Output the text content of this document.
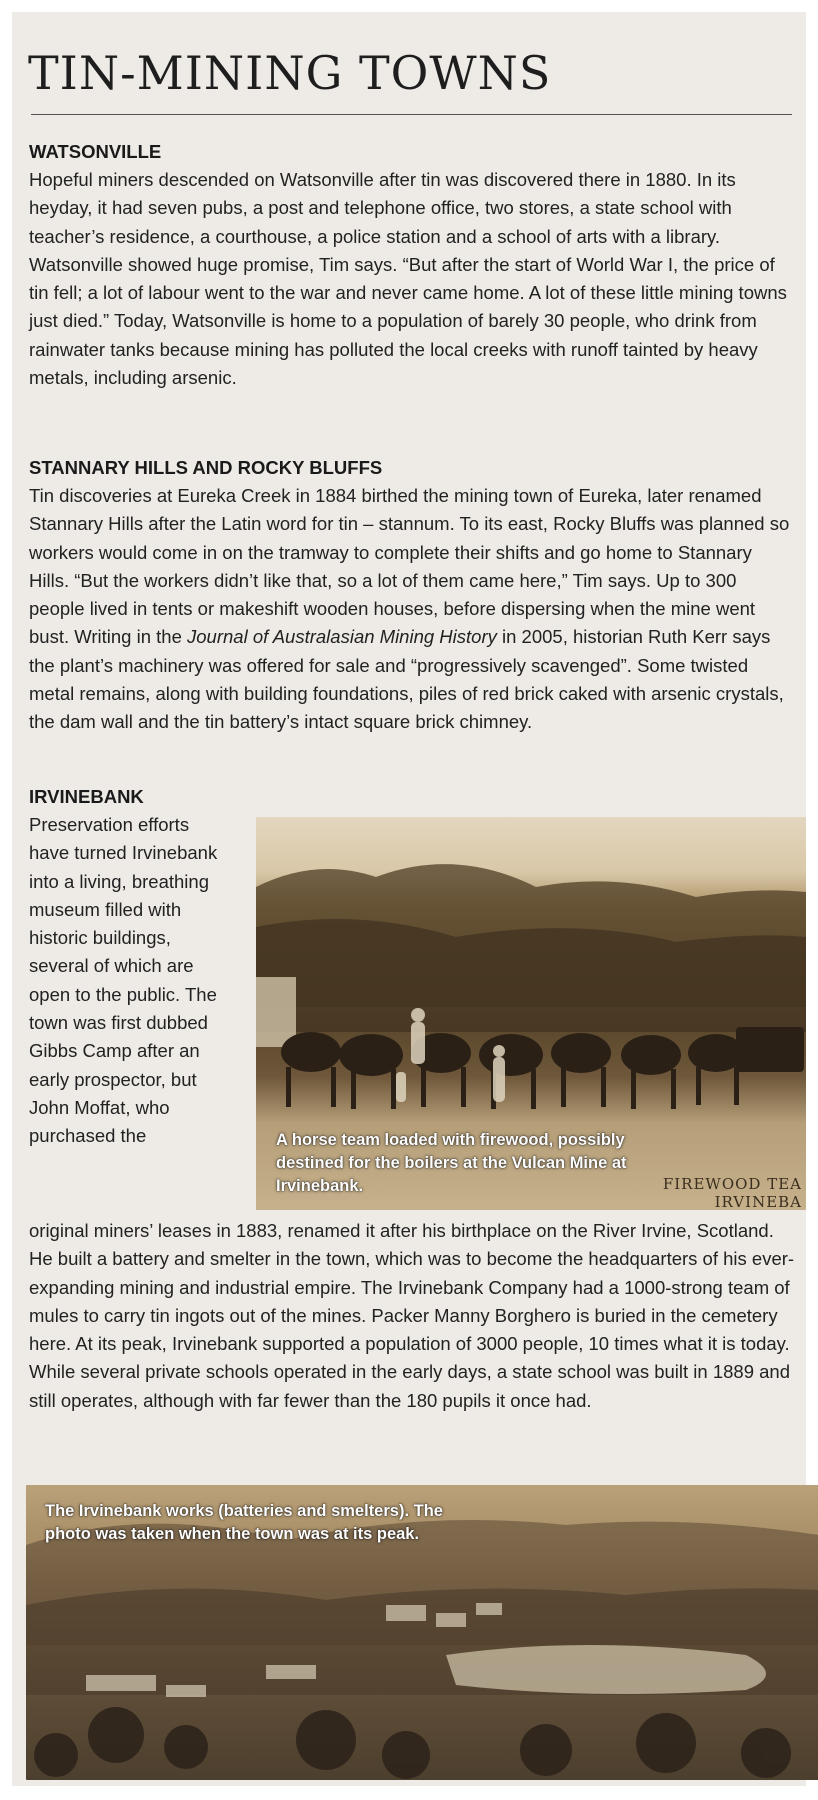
TIN-MINING TOWNS
WATSONVILLE

Hopeful miners descended on Watsonville after tin was discovered there in 1880. In its heyday, it had seven pubs, a post and telephone office, two stores, a state school with teacher’s residence, a courthouse, a police station and a school of arts with a library. Watsonville showed huge promise, Tim says. “But after the start of World War I, the price of tin fell; a lot of labour went to the war and never came home. A lot of these little mining towns just died.” Today, Watsonville is home to a population of barely 30 people, who drink from rainwater tanks because mining has polluted the local creeks with runoff tainted by heavy metals, including arsenic.

STANNARY HILLS AND ROCKY BLUFFS

Tin discoveries at Eureka Creek in 1884 birthed the mining town of Eureka, later renamed Stannary Hills after the Latin word for tin – stannum. To its east, Rocky Bluffs was planned so workers would come in on the tramway to complete their shifts and go home to Stannary Hills. “But the workers didn’t like that, so a lot of them came here,” Tim says. Up to 300 people lived in tents or makeshift wooden houses, before dispersing when the mine went bust. Writing in the Journal of Australasian Mining History in 2005, historian Ruth Kerr says the plant’s machinery was offered for sale and “progressively scavenged”. Some twisted metal remains, along with building foundations, piles of red brick caked with arsenic crystals, the dam wall and the tin battery’s intact square brick chimney.

IRVINEBANK

Preservation efforts have turned Irvinebank into a living, breathing museum filled with historic buildings, several of which are open to the public. The town was first dubbed Gibbs Camp after an early prospector, but John Moffat, who purchased the

original miners’ leases in 1883, renamed it after his birthplace on the River Irvine, Scotland. He built a battery and smelter in the town, which was to become the headquarters of his ever-expanding mining and industrial empire. The Irvinebank Company had a 1000-strong team of mules to carry tin ingots out of the mines. Packer Manny Borghero is buried in the cemetery here. At its peak, Irvinebank supported a population of 3000 people, 10 times what it is today. While several private schools operated in the early days, a state school was built in 1889 and still operates, although with far fewer than the 180 pupils it once had.

A horse team loaded with firewood, possibly destined for the boilers at the Vulcan Mine at Irvinebank.	FIREWOOD TEA
IRVINEBA
The Irvinebank works (batteries and smelters). The photo was taken when the town was at its peak.
